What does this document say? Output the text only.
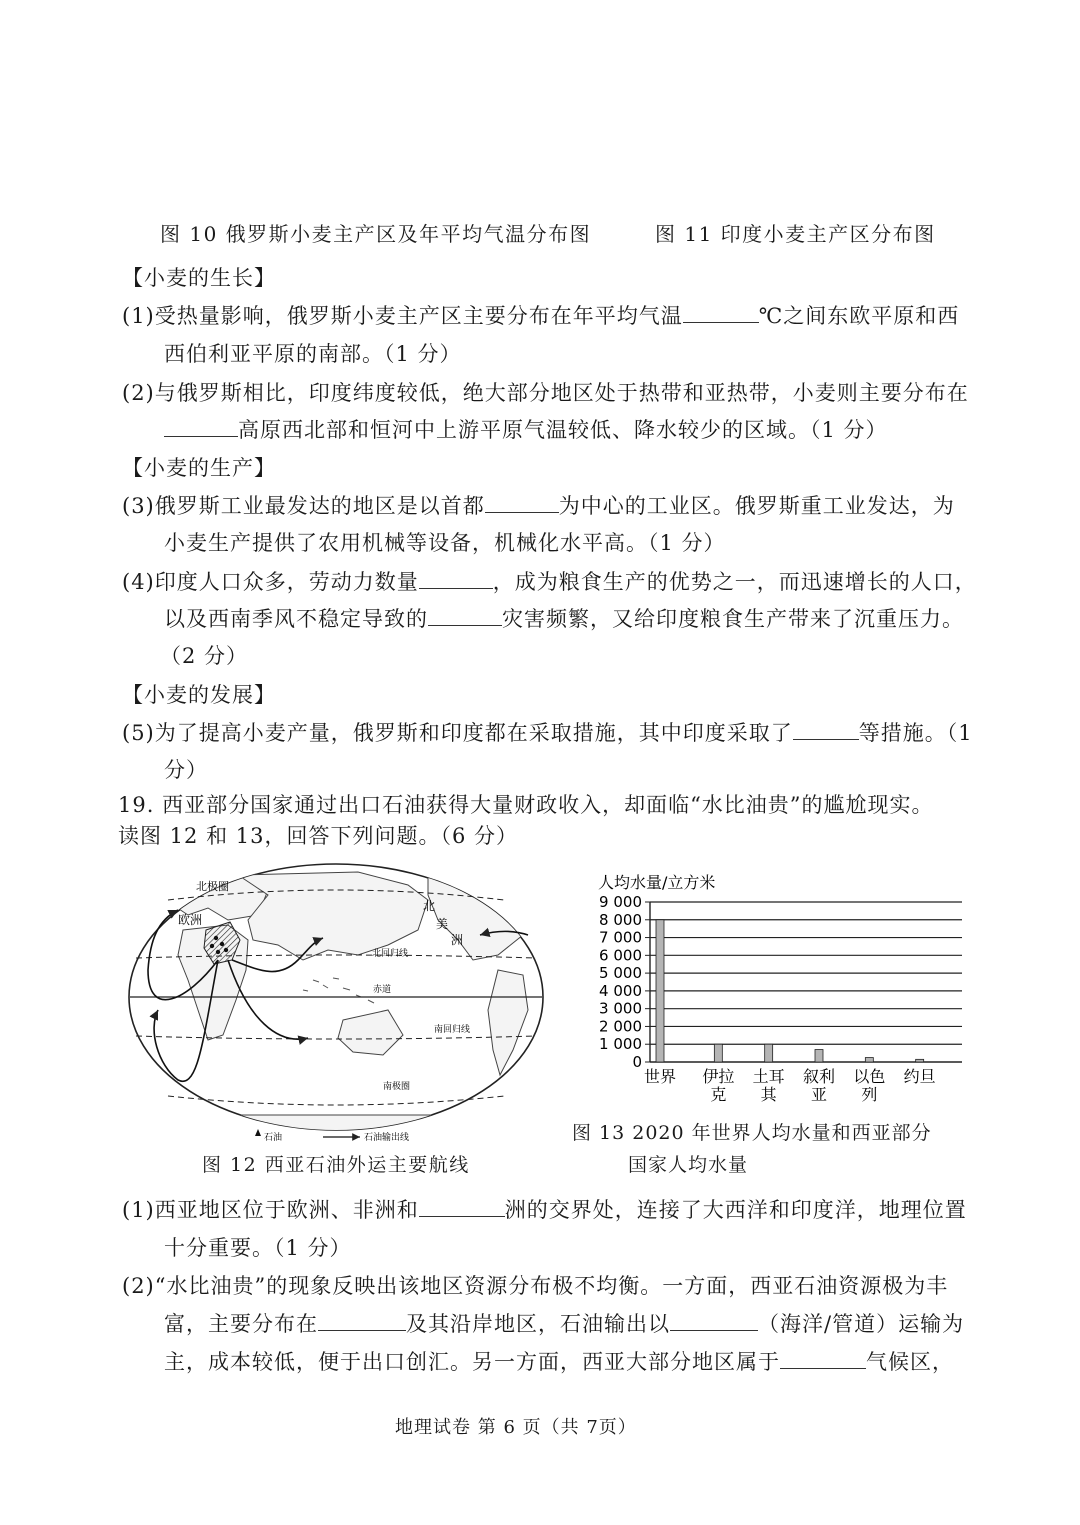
图 10 俄罗斯小麦主产区及年平均气温分布图	图 11 印度小麦主产区分布图
【小麦的生长】
(1)受热量影响，俄罗斯小麦主产区主要分布在年平均气温	℃之间东欧平原和西
西伯利亚平原的南部。（1 分）
(2)与俄罗斯相比，印度纬度较低，绝大部分地区处于热带和亚热带，小麦则主要分布在
高原西北部和恒河中上游平原气温较低、降水较少的区域。（1 分）
【小麦的生产】
(3)俄罗斯工业最发达的地区是以首都	为中心的工业区。俄罗斯重工业发达，为
小麦生产提供了农用机械等设备，机械化水平高。（1 分）
(4)印度人口众多，劳动力数量	，成为粮食生产的优势之一，而迅速增长的人口，
以及西南季风不稳定导致的	灾害频繁，又给印度粮食生产带来了沉重压力。
（2 分）
【小麦的发展】
(5)为了提高小麦产量，俄罗斯和印度都在采取措施，其中印度采取了	等措施。（1
分）
19. 西亚部分国家通过出口石油获得大量财政收入，却面临“水比油贵”的尴尬现实。
读图 12 和 13，回答下列问题。（6 分）
北极圈
欧洲
北
美
洲
北回归线
赤道
南回归线
南极圈
石油	石油输出线
图 12 西亚石油外运主要航线
人均水量/立方米
0
1 000
2 000
3 000
4 000
5 000
6 000
7 000
8 000
9 000
世界 伊拉
克
土耳
其
叙利
亚
以色
列
约旦
图 13 2020 年世界人均水量和西亚部分
国家人均水量
(1)西亚地区位于欧洲、非洲和	洲的交界处，连接了大西洋和印度洋，地理位置
十分重要。（1 分）
(2)“水比油贵”的现象反映出该地区资源分布极不均衡。一方面，西亚石油资源极为丰
富，主要分布在	及其沿岸地区，石油输出以	（海洋/管道）运输为
主，成本较低，便于出口创汇。另一方面，西亚大部分地区属于	气候区，
地理试卷 第 6 页（共 7页）
